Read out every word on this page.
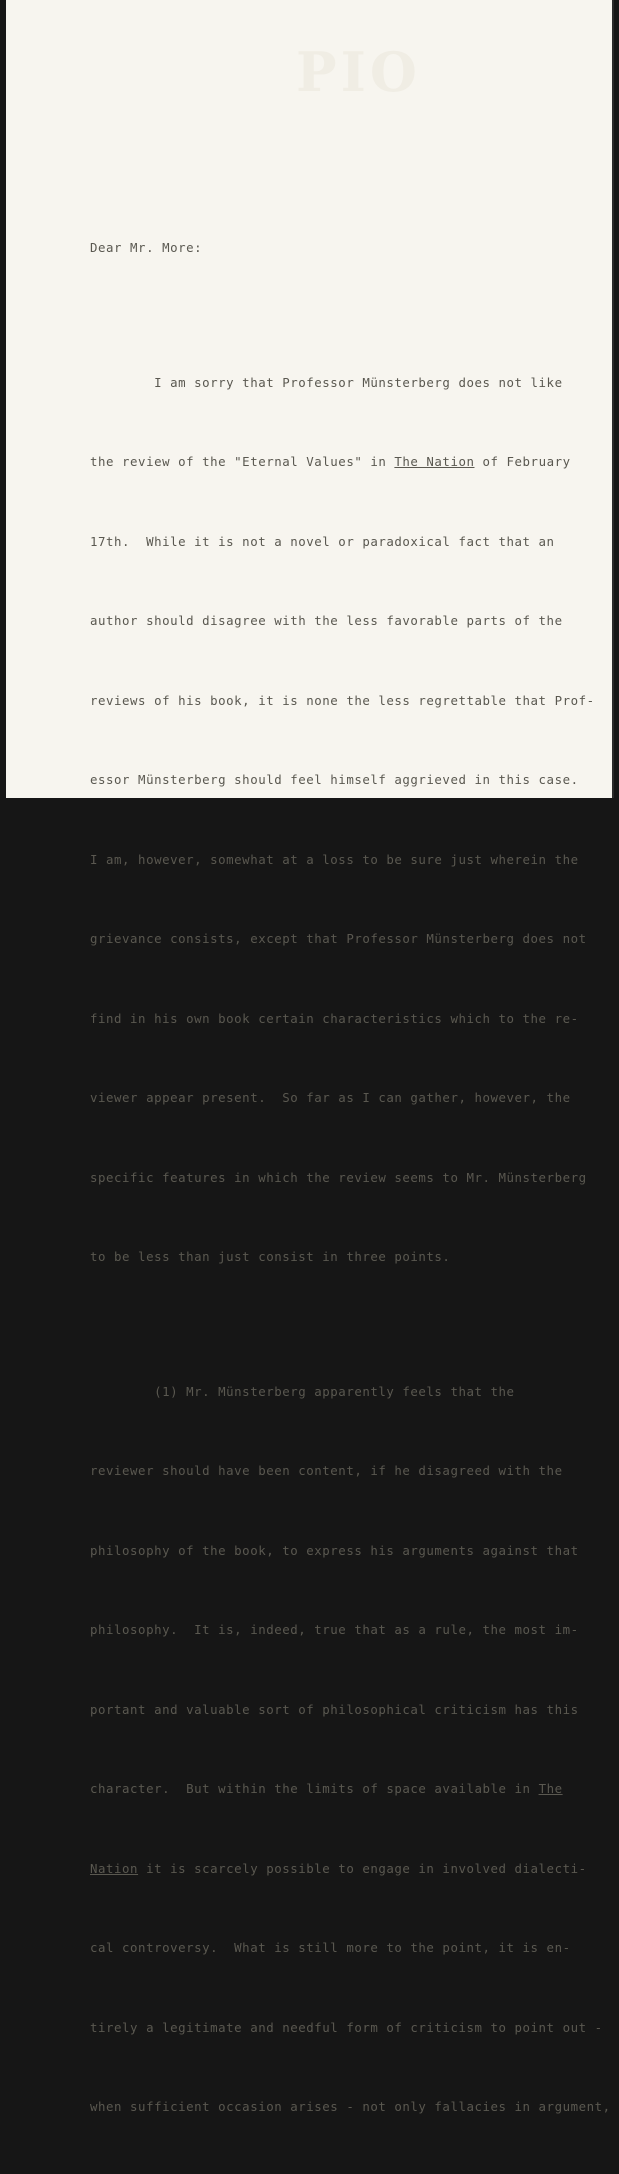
PIO

Dear Mr. More:

I am sorry that Professor Münsterberg does not like

the review of the "Eternal Values" in The Nation of February

17th.  While it is not a novel or paradoxical fact that an

author should disagree with the less favorable parts of the

reviews of his book, it is none the less regrettable that Prof-

essor Münsterberg should feel himself aggrieved in this case.

I am, however, somewhat at a loss to be sure just wherein the

grievance consists, except that Professor Münsterberg does not

find in his own book certain characteristics which to the re-

viewer appear present.  So far as I can gather, however, the

specific features in which the review seems to Mr. Münsterberg

to be less than just consist in three points.

(1) Mr. Münsterberg apparently feels that the

reviewer should have been content, if he disagreed with the

philosophy of the book, to express his arguments against that

philosophy.  It is, indeed, true that as a rule, the most im-

portant and valuable sort of philosophical criticism has this

character.  But within the limits of space available in The

Nation it is scarcely possible to engage in involved dialecti-

cal controversy.  What is still more to the point, it is en-

tirely a legitimate and needful form of criticism to point out -

when sufficient occasion arises - not only fallacies in argument,
